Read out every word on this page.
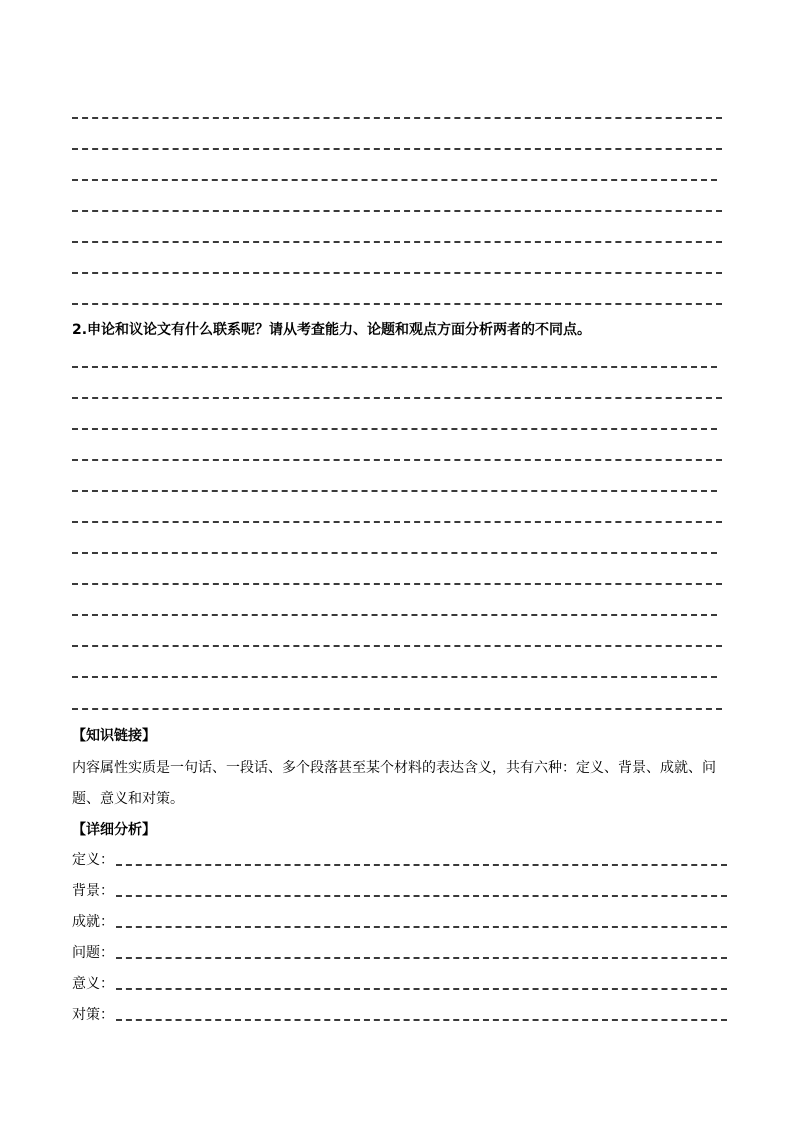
2.申论和议论文有什么联系呢？请从考查能力、论题和观点方面分析两者的不同点。
【知识链接】
内容属性实质是一句话、一段话、多个段落甚至某个材料的表达含义，共有六种：定义、背景、成就、问题、意义和对策。
【详细分析】
定义：
背景：
成就：
问题：
意义：
对策：
